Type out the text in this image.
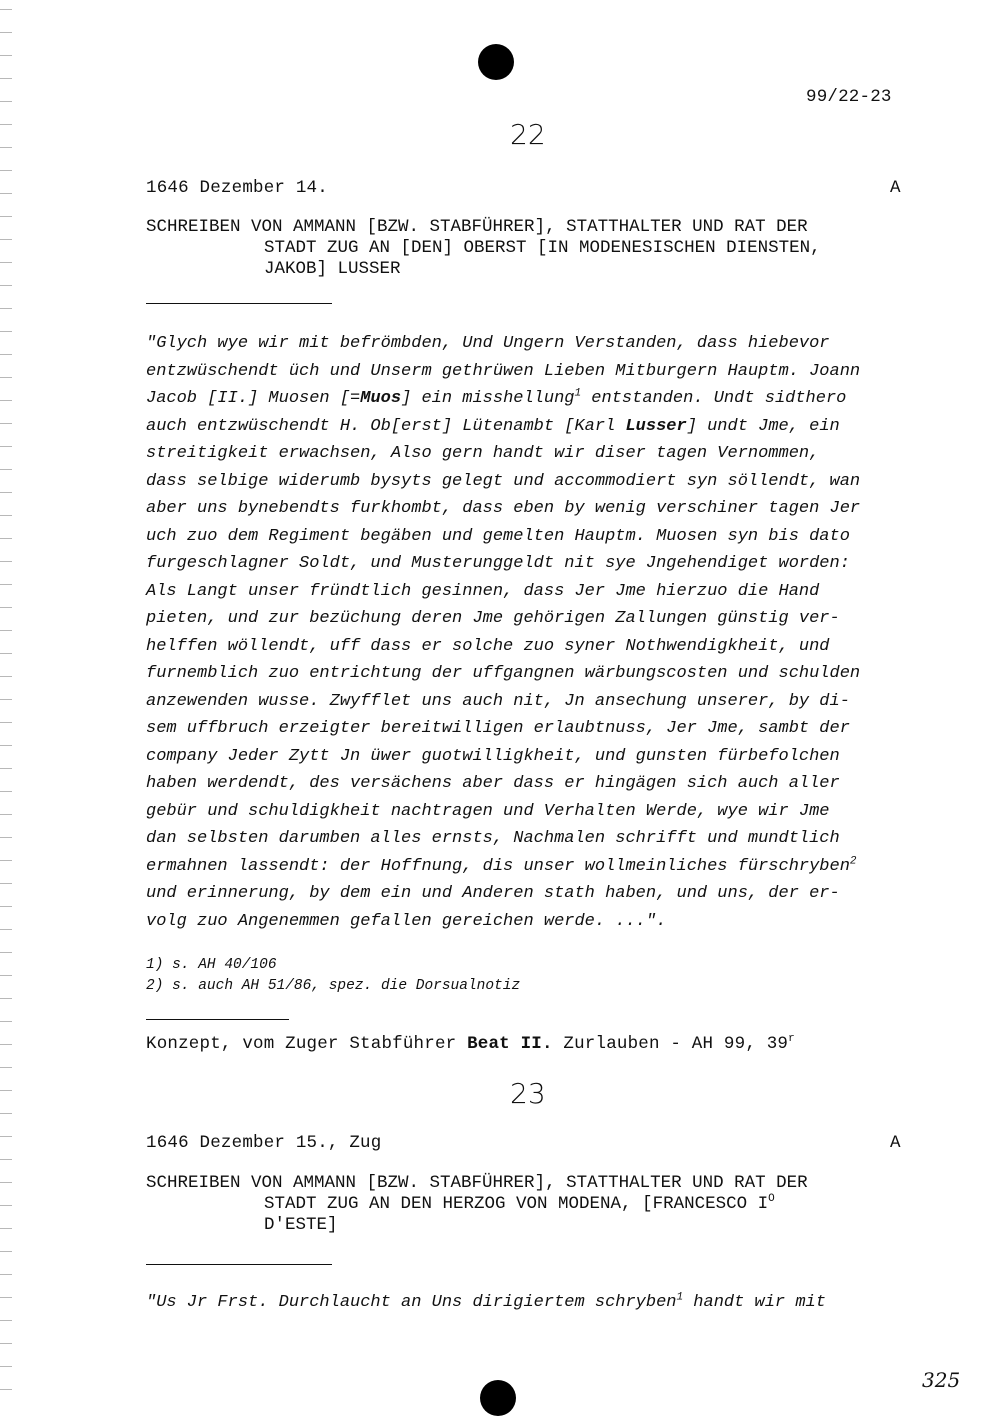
99/22-23
22
1646 Dezember 14.	A
SCHREIBEN VON AMMANN [BZW. STABFÜHRER], STATTHALTER UND RAT DER
STADT ZUG AN [DEN] OBERST [IN MODENESISCHEN DIENSTEN,
JAKOB] LUSSER
"Glych wye wir mit befrömbden, Und Ungern Verstanden, dass hiebevor
entzwüschendt üch und Unserm gethrüwen Lieben Mitburgern Hauptm. Joann
Jacob [II.] Muosen [=Muos] ein misshellung$^1$ entstanden. Undt sidthero
auch entzwüschendt H. Ob[erst] Lütenambt [Karl Lusser] undt Jme, ein
streitigkeit erwachsen, Also gern handt wir diser tagen Vernommen,
dass selbige widerumb bysyts gelegt und accommodiert syn söllendt, wan
aber uns bynebendts furkhombt, dass eben by wenig verschiner tagen Jer
uch zuo dem Regiment begäben und gemelten Hauptm. Muosen syn bis dato
furgeschlagner Soldt, und Musterunggeldt nit sye Jngehendiget worden:
Als Langt unser fründtlich gesinnen, dass Jer Jme hierzuo die Hand
pieten, und zur bezüchung deren Jme gehörigen Zallungen günstig ver-
helffen wöllendt, uff dass er solche zuo syner Nothwendigkheit, und
furnemblich zuo entrichtung der uffgangnen wärbungscosten und schulden
anzewenden wusse. Zwyfflet uns auch nit, Jn ansechung unserer, by di-
sem uffbruch erzeigter bereitwilligen erlaubtnuss, Jer Jme, sambt der
company Jeder Zytt Jn üwer guotwilligkheit, und gunsten fürbefolchen
haben werdendt, des versächens aber dass er hingägen sich auch aller
gebür und schuldigkheit nachtragen und Verhalten Werde, wye wir Jme
dan selbsten darumben alles ernsts, Nachmalen schrifft und mundtlich
ermahnen lassendt: der Hoffnung, dis unser wollmeinliches fürschryben$^2$
und erinnerung, by dem ein und Anderen stath haben, und uns, der er-
volg zuo Angenemmen gefallen gereichen werde. ...".
1) s. AH 40/106
2) s. auch AH 51/86, spez. die Dorsualnotiz
Konzept, vom Zuger Stabführer Beat II. Zurlauben - AH 99, 39$^r$
23
1646 Dezember 15., Zug	A
SCHREIBEN VON AMMANN [BZW. STABFÜHRER], STATTHALTER UND RAT DER
STADT ZUG AN DEN HERZOG VON MODENA, [FRANCESCO $I^O$
D'ESTE]
"Us Jr Frst. Durchlaucht an Uns dirigiertem schryben$^1$ handt wir mit
325
